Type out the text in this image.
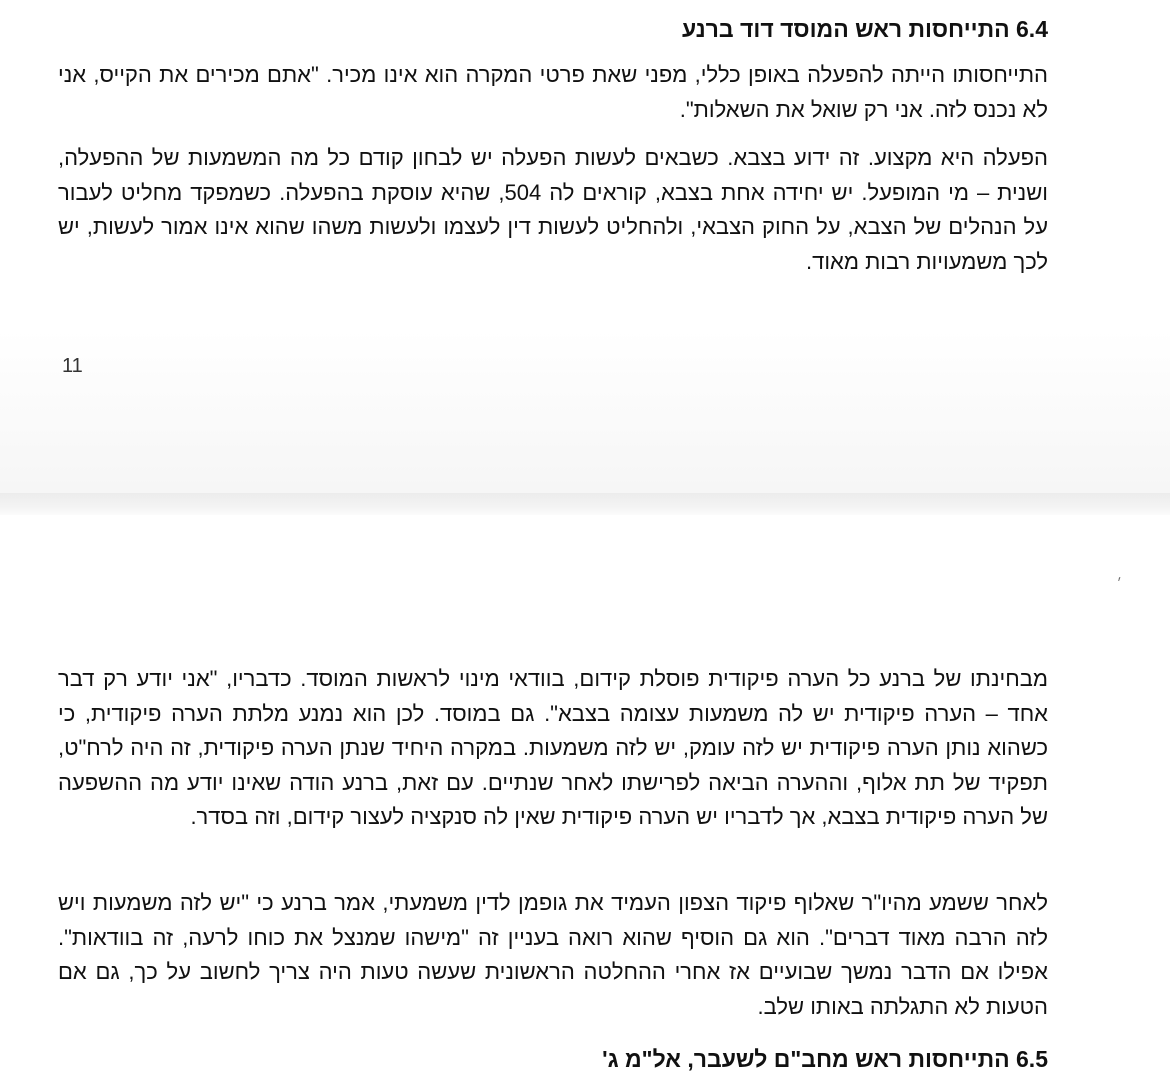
6.4 התייחסות ראש המוסד דוד ברנע

התייחסותו הייתה להפעלה באופן כללי, מפני שאת פרטי המקרה הוא אינו מכיר. "אתם מכירים את הקייס, אני לא נכנס לזה. אני רק שואל את השאלות".

הפעלה היא מקצוע. זה ידוע בצבא. כשבאים לעשות הפעלה יש לבחון קודם כל מה המשמעות של ההפעלה, ושנית – מי המופעל. יש יחידה אחת בצבא, קוראים לה 504, שהיא עוסקת בהפעלה. כשמפקד מחליט לעבור על הנהלים של הצבא, על החוק הצבאי, ולהחליט לעשות דין לעצמו ולעשות משהו שהוא אינו אמור לעשות, יש לכך משמעויות רבות מאוד.

11
׳

מבחינתו של ברנע כל הערה פיקודית פוסלת קידום, בוודאי מינוי לראשות המוסד. כדבריו, "אני יודע רק דבר אחד – הערה פיקודית יש לה משמעות עצומה בצבא". גם במוסד. לכן הוא נמנע מלתת הערה פיקודית, כי כשהוא נותן הערה פיקודית יש לזה עומק, יש לזה משמעות. במקרה היחיד שנתן הערה פיקודית, זה היה לרח"ט, תפקיד של תת אלוף, וההערה הביאה לפרישתו לאחר שנתיים. עם זאת, ברנע הודה שאינו יודע מה ההשפעה של הערה פיקודית בצבא, אך לדבריו יש הערה פיקודית שאין לה סנקציה לעצור קידום, וזה בסדר.

לאחר ששמע מהיו"ר שאלוף פיקוד הצפון העמיד את גופמן לדין משמעתי, אמר ברנע כי "יש לזה משמעות ויש לזה הרבה מאוד דברים". הוא גם הוסיף שהוא רואה בעניין זה "מישהו שמנצל את כוחו לרעה, זה בוודאות". אפילו אם הדבר נמשך שבועיים אז אחרי ההחלטה הראשונית שעשה טעות היה צריך לחשוב על כך, גם אם הטעות לא התגלתה באותו שלב.

6.5 התייחסות ראש מחב"ם לשעבר, אל"מ ג'
